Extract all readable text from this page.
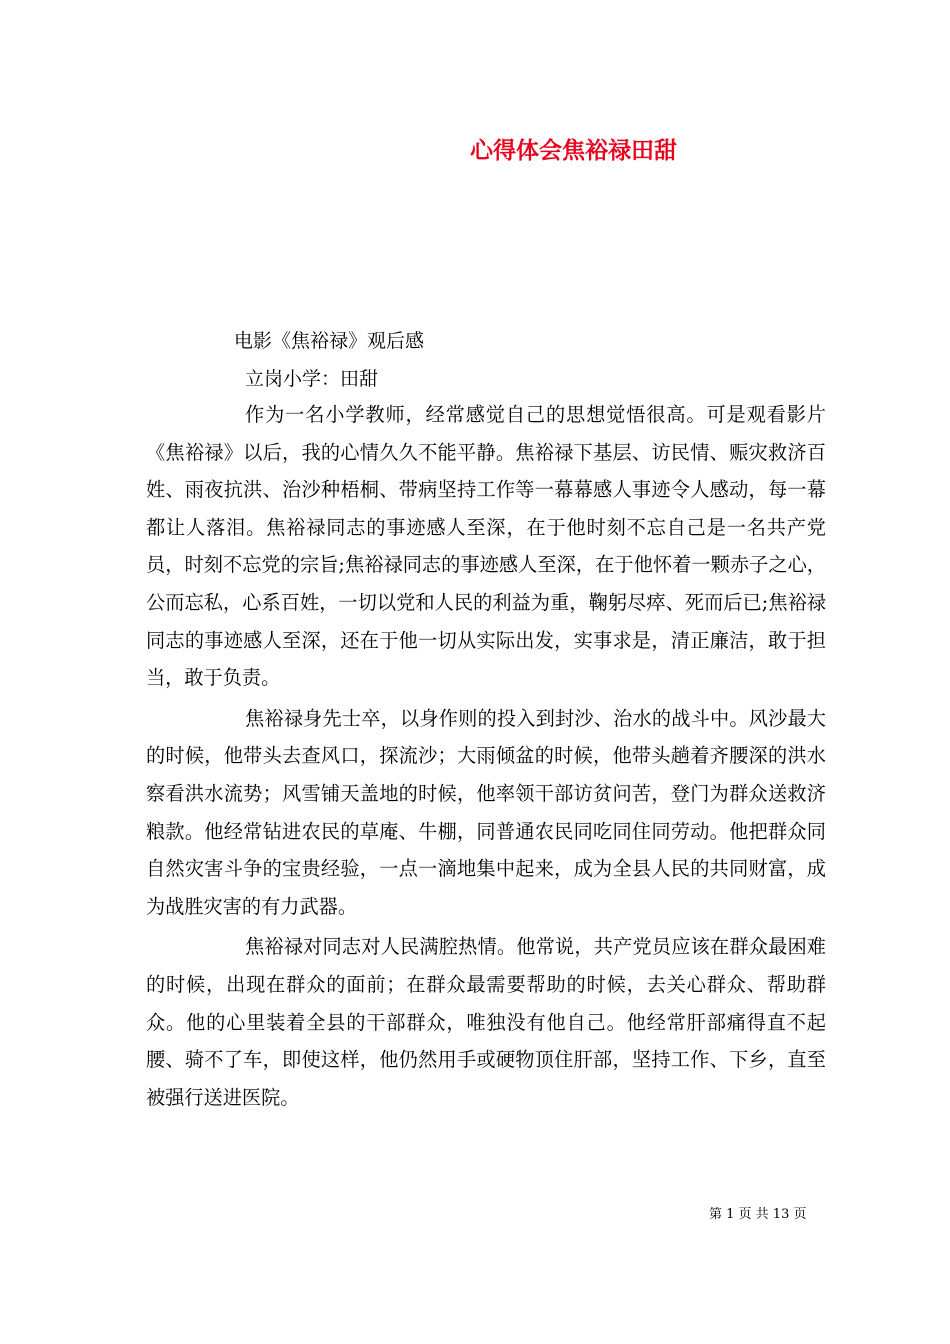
心得体会焦裕禄田甜
电影《焦裕禄》观后感
立岗小学：田甜

作为一名小学教师，经常感觉自己的思想觉悟很高。可是观看影片《焦裕禄》以后，我的心情久久不能平静。焦裕禄下基层、访民情、赈灾救济百姓、雨夜抗洪、治沙种梧桐、带病坚持工作等一幕幕感人事迹令人感动，每一幕都让人落泪。焦裕禄同志的事迹感人至深，在于他时刻不忘自己是一名共产党员，时刻不忘党的宗旨;焦裕禄同志的事迹感人至深，在于他怀着一颗赤子之心，公而忘私，心系百姓，一切以党和人民的利益为重，鞠躬尽瘁、死而后已;焦裕禄同志的事迹感人至深，还在于他一切从实际出发，实事求是，清正廉洁，敢于担当，敢于负责。

焦裕禄身先士卒，以身作则的投入到封沙、治水的战斗中。风沙最大的时候，他带头去查风口，探流沙；大雨倾盆的时候，他带头趟着齐腰深的洪水察看洪水流势；风雪铺天盖地的时候，他率领干部访贫问苦，登门为群众送救济粮款。他经常钻进农民的草庵、牛棚，同普通农民同吃同住同劳动。他把群众同自然灾害斗争的宝贵经验，一点一滴地集中起来，成为全县人民的共同财富，成为战胜灾害的有力武器。

焦裕禄对同志对人民满腔热情。他常说，共产党员应该在群众最困难的时候，出现在群众的面前；在群众最需要帮助的时候，去关心群众、帮助群众。他的心里装着全县的干部群众，唯独没有他自己。他经常肝部痛得直不起腰、骑不了车，即使这样，他仍然用手或硬物顶住肝部，坚持工作、下乡，直至被强行送进医院。

第 1 页 共 13 页
